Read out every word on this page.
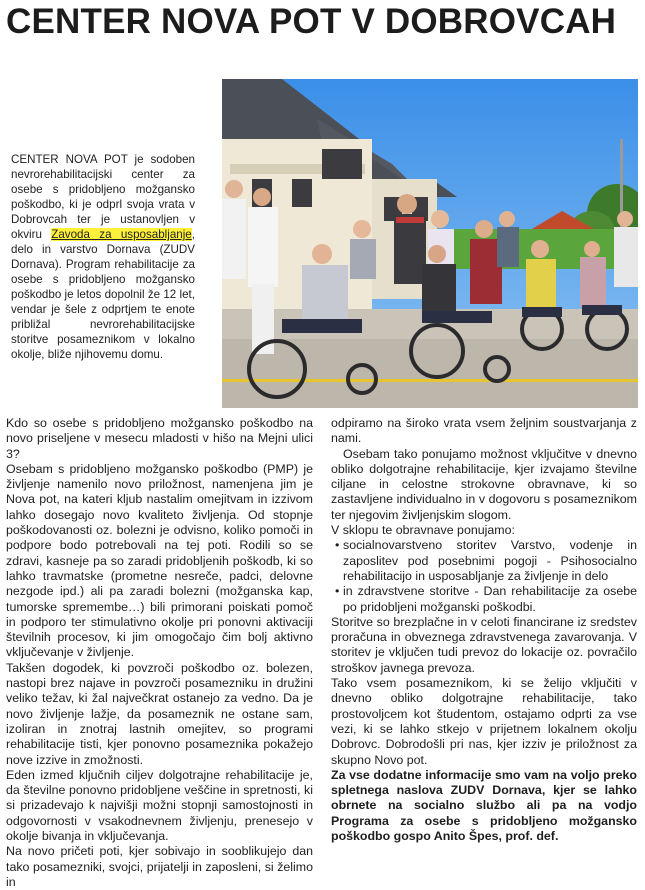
CENTER NOVA POT V DOBROVCAH
CENTER NOVA POT je sodoben nevrorehabilitacijski center za osebe s pridobljeno možgansko poškodbo, ki je odprl svoja vrata v Dobrovcah ter je ustanovljen v okviru Zavoda za usposabljanje, delo in varstvo Dornava (ZUDV Dornava). Program rehabilitacije za osebe s pridobljeno možgansko poškodbo je letos dopolnil že 12 let, vendar je šele z odprtjem te enote približal nevrorehabilitacijske storitve posameznikom v lokalno okolje, bliže njihovemu domu.

Kdo so osebe s pridobljeno možgansko poškodbo na novo priseljene v mesecu mladosti v hišo na Mejni ulici 3?

Osebam s pridobljeno možgansko poškodbo (PMP) je življenje namenilo novo priložnost, namenjena jim je Nova pot, na kateri kljub nastalim omejitvam in izzivom lahko dosegajo novo kvaliteto življenja. Od stopnje poškodovanosti oz. bolezni je odvisno, koliko pomoči in podpore bodo potrebovali na tej poti. Rodili so se zdravi, kasneje pa so zaradi pridobljenih poškodb, ki so lahko travmatske (prometne nesreče, padci, delovne nezgode ipd.) ali pa zaradi bolezni (možganska kap, tumorske spremembe…) bili primorani poiskati pomoč in podporo ter stimulativno okolje pri ponovni aktivaciji številnih procesov, ki jim omogočajo čim bolj aktivno vključevanje v življenje.

Takšen dogodek, ki povzroči poškodbo oz. bolezen, nastopi brez najave in povzroči posamezniku in družini veliko težav, ki žal največkrat ostanejo za vedno. Da je novo življenje lažje, da posameznik ne ostane sam, izoliran in znotraj lastnih omejitev, so programi rehabilitacije tisti, kjer ponovno posameznika pokažejo nove izzive in zmožnosti.

Eden izmed ključnih ciljev dolgotrajne rehabilitacije je, da številne ponovno pridobljene veščine in spretnosti, ki si prizadevajo k najvišji možni stopnji samostojnosti in odgovornosti v vsakodnevnem življenju, prenesejo v okolje bivanja in vključevanja.

Na novo pričeti poti, kjer sobivajo in sooblikujejo dan tako posamezniki, svojci, prijatelji in zaposleni, si želimo in

odpiramo na široko vrata vsem željnim soustvarjanja z nami.

Osebam tako ponujamo možnost vključitve v dnevno obliko dolgotrajne rehabilitacije, kjer izvajamo številne ciljane in celostne strokovne obravnave, ki so zastavljene individualno in v dogovoru s posameznikom ter njegovim življenjskim slogom.

V sklopu te obravnave ponujamo:

• socialnovarstveno storitev Varstvo, vodenje in zaposlitev pod posebnimi pogoji - Psihosocialno rehabilitacijo in usposabljanje za življenje in delo
• in zdravstvene storitve - Dan rehabilitacije za osebe po pridobljeni možganski poškodbi.

Storitve so brezplačne in v celoti financirane iz sredstev proračuna in obveznega zdravstvenega zavarovanja. V storitev je vključen tudi prevoz do lokacije oz. povračilo stroškov javnega prevoza.

Tako vsem posameznikom, ki se želijo vključiti v dnevno obliko dolgotrajne rehabilitacije, tako prostovoljcem kot študentom, ostajamo odprti za vse vezi, ki se lahko stkejo v prijetnem lokalnem okolju Dobrovc. Dobrodošli pri nas, kjer izziv je priložnost za skupno Novo pot.

Za vse dodatne informacije smo vam na voljo preko spletnega naslova ZUDV Dornava, kjer se lahko obrnete na socialno službo ali pa na vodjo Programa za osebe s pridobljeno možgansko poškodbo gospo Anito Špes, prof. def.
